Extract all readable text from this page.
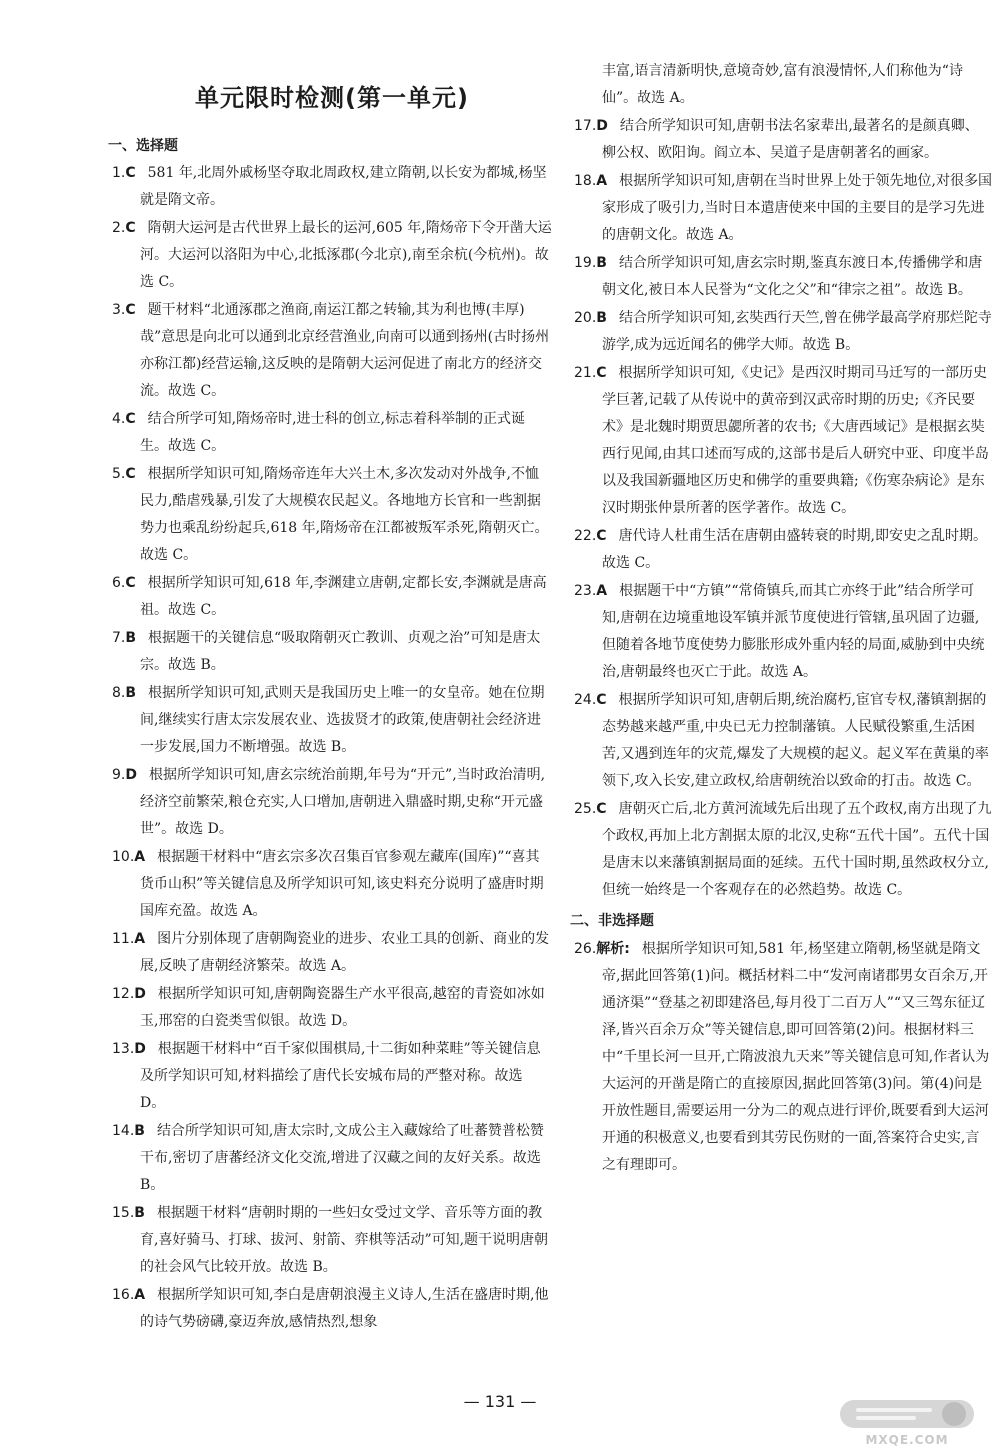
单元限时检测(第一单元)
一、选择题
1.C 581 年,北周外戚杨坚夺取北周政权,建立隋朝,以长安为都城,杨坚就是隋文帝。
2.C 隋朝大运河是古代世界上最长的运河,605 年,隋炀帝下令开凿大运河。大运河以洛阳为中心,北抵涿郡(今北京),南至余杭(今杭州)。故选 C。
3.C 题干材料“北通涿郡之渔商,南运江都之转输,其为利也博(丰厚)哉”意思是向北可以通到北京经营渔业,向南可以通到扬州(古时扬州亦称江都)经营运输,这反映的是隋朝大运河促进了南北方的经济交流。故选 C。
4.C 结合所学可知,隋炀帝时,进士科的创立,标志着科举制的正式诞生。故选 C。
5.C 根据所学知识可知,隋炀帝连年大兴土木,多次发动对外战争,不恤民力,酷虐残暴,引发了大规模农民起义。各地地方长官和一些割据势力也乘乱纷纷起兵,618 年,隋炀帝在江都被叛军杀死,隋朝灭亡。故选 C。
6.C 根据所学知识可知,618 年,李渊建立唐朝,定都长安,李渊就是唐高祖。故选 C。
7.B 根据题干的关键信息“吸取隋朝灭亡教训、贞观之治”可知是唐太宗。故选 B。
8.B 根据所学知识可知,武则天是我国历史上唯一的女皇帝。她在位期间,继续实行唐太宗发展农业、选拔贤才的政策,使唐朝社会经济进一步发展,国力不断增强。故选 B。
9.D 根据所学知识可知,唐玄宗统治前期,年号为“开元”,当时政治清明,经济空前繁荣,粮仓充实,人口增加,唐朝进入鼎盛时期,史称“开元盛世”。故选 D。
10.A 根据题干材料中“唐玄宗多次召集百官参观左藏库(国库)”“喜其货币山积”等关键信息及所学知识可知,该史料充分说明了盛唐时期国库充盈。故选 A。
11.A 图片分别体现了唐朝陶瓷业的进步、农业工具的创新、商业的发展,反映了唐朝经济繁荣。故选 A。
12.D 根据所学知识可知,唐朝陶瓷器生产水平很高,越窑的青瓷如冰如玉,邢窑的白瓷类雪似银。故选 D。
13.D 根据题干材料中“百千家似围棋局,十二街如种菜畦”等关键信息及所学知识可知,材料描绘了唐代长安城布局的严整对称。故选 D。
14.B 结合所学知识可知,唐太宗时,文成公主入藏嫁给了吐蕃赞普松赞干布,密切了唐蕃经济文化交流,增进了汉藏之间的友好关系。故选 B。
15.B 根据题干材料“唐朝时期的一些妇女受过文学、音乐等方面的教育,喜好骑马、打球、拔河、射箭、弈棋等活动”可知,题干说明唐朝的社会风气比较开放。故选 B。
16.A 根据所学知识可知,李白是唐朝浪漫主义诗人,生活在盛唐时期,他的诗气势磅礴,豪迈奔放,感情热烈,想象
丰富,语言清新明快,意境奇妙,富有浪漫情怀,人们称他为“诗仙”。故选 A。
17.D 结合所学知识可知,唐朝书法名家辈出,最著名的是颜真卿、柳公权、欧阳询。阎立本、吴道子是唐朝著名的画家。
18.A 根据所学知识可知,唐朝在当时世界上处于领先地位,对很多国家形成了吸引力,当时日本遣唐使来中国的主要目的是学习先进的唐朝文化。故选 A。
19.B 结合所学知识可知,唐玄宗时期,鉴真东渡日本,传播佛学和唐朝文化,被日本人民誉为“文化之父”和“律宗之祖”。故选 B。
20.B 结合所学知识可知,玄奘西行天竺,曾在佛学最高学府那烂陀寺游学,成为远近闻名的佛学大师。故选 B。
21.C 根据所学知识可知,《史记》是西汉时期司马迁写的一部历史学巨著,记载了从传说中的黄帝到汉武帝时期的历史;《齐民要术》是北魏时期贾思勰所著的农书;《大唐西域记》是根据玄奘西行见闻,由其口述而写成的,这部书是后人研究中亚、印度半岛以及我国新疆地区历史和佛学的重要典籍;《伤寒杂病论》是东汉时期张仲景所著的医学著作。故选 C。
22.C 唐代诗人杜甫生活在唐朝由盛转衰的时期,即安史之乱时期。故选 C。
23.A 根据题干中“方镇”“常倚镇兵,而其亡亦终于此”结合所学可知,唐朝在边境重地设军镇并派节度使进行管辖,虽巩固了边疆,但随着各地节度使势力膨胀形成外重内轻的局面,威胁到中央统治,唐朝最终也灭亡于此。故选 A。
24.C 根据所学知识可知,唐朝后期,统治腐朽,宦官专权,藩镇割据的态势越来越严重,中央已无力控制藩镇。人民赋役繁重,生活困苦,又遇到连年的灾荒,爆发了大规模的起义。起义军在黄巢的率领下,攻入长安,建立政权,给唐朝统治以致命的打击。故选 C。
25.C 唐朝灭亡后,北方黄河流域先后出现了五个政权,南方出现了九个政权,再加上北方割据太原的北汉,史称“五代十国”。五代十国是唐末以来藩镇割据局面的延续。五代十国时期,虽然政权分立,但统一始终是一个客观存在的必然趋势。故选 C。
二、非选择题
26.解析: 根据所学知识可知,581 年,杨坚建立隋朝,杨坚就是隋文帝,据此回答第(1)问。概括材料二中“发河南诸郡男女百余万,开通济渠”“登基之初即建洛邑,每月役丁二百万人”“又三驾东征辽泽,皆兴百余万众”等关键信息,即可回答第(2)问。根据材料三中“千里长河一旦开,亡隋波浪九天来”等关键信息可知,作者认为大运河的开凿是隋亡的直接原因,据此回答第(3)问。第(4)问是开放性题目,需要运用一分为二的观点进行评价,既要看到大运河开通的积极意义,也要看到其劳民伤财的一面,答案符合史实,言之有理即可。
— 131 —
MXQE.COM
